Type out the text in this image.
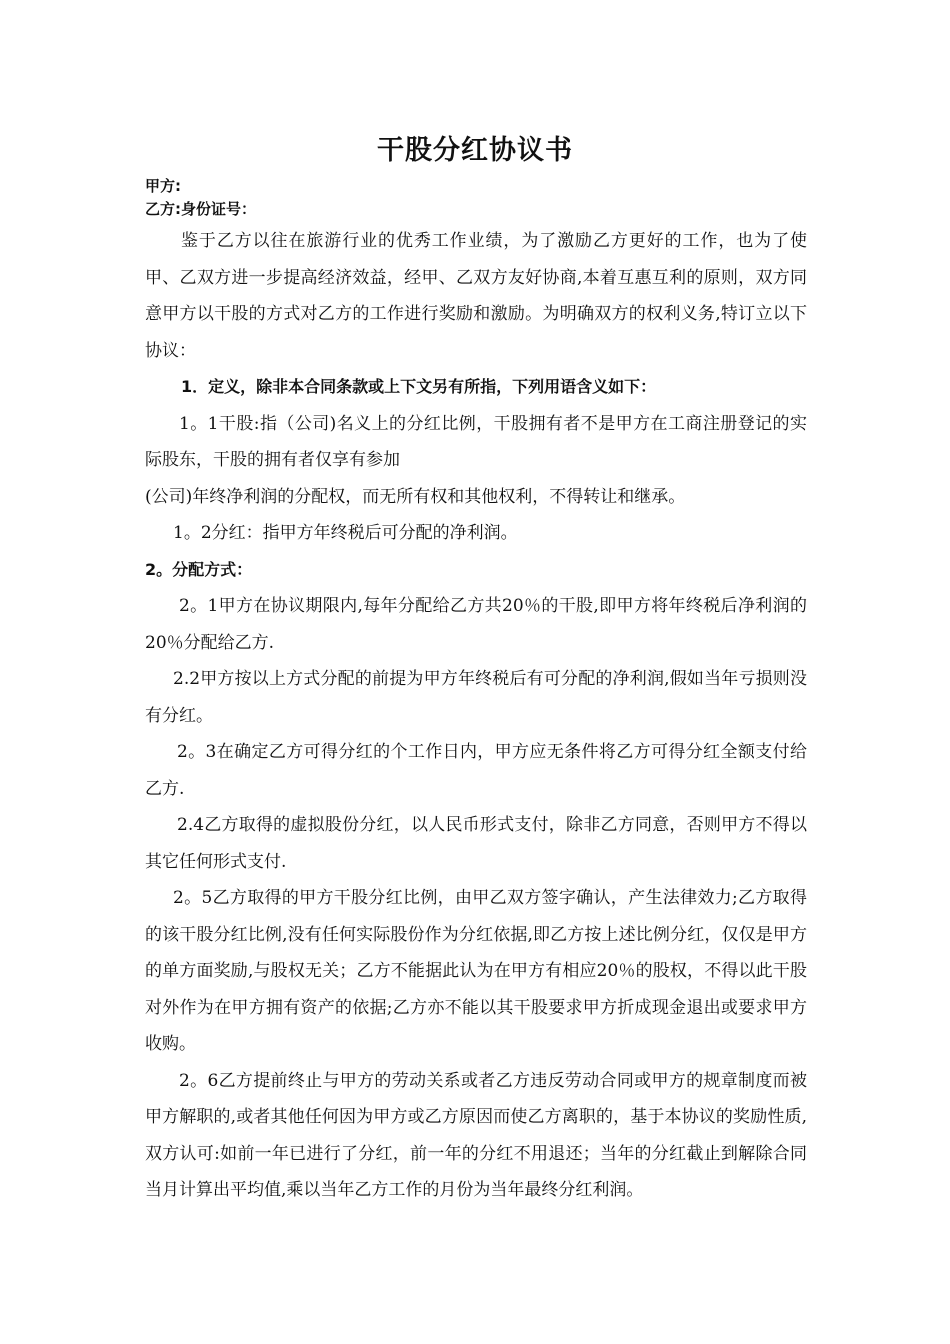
干股分红协议书
甲方:
乙方:身份证号：

鉴于乙方以往在旅游行业的优秀工作业绩，为了激励乙方更好的工作，也为了使甲、乙双方进一步提高经济效益，经甲、乙双方友好协商,本着互惠互利的原则，双方同意甲方以干股的方式对乙方的工作进行奖励和激励。为明确双方的权利义务,特订立以下协议：

1．定义，除非本合同条款或上下文另有所指，下列用语含义如下：

1。1干股:指（公司)名义上的分红比例，干股拥有者不是甲方在工商注册登记的实际股东，干股的拥有者仅享有参加

(公司)年终净利润的分配权，而无所有权和其他权利，不得转让和继承。

1。2分红：指甲方年终税后可分配的净利润。

2。分配方式：

2。1甲方在协议期限内,每年分配给乙方共20％的干股,即甲方将年终税后净利润的20％分配给乙方.

2.2甲方按以上方式分配的前提为甲方年终税后有可分配的净利润,假如当年亏损则没有分红。

2。3在确定乙方可得分红的个工作日内，甲方应无条件将乙方可得分红全额支付给乙方.

2.4乙方取得的虚拟股份分红，以人民币形式支付，除非乙方同意，否则甲方不得以其它任何形式支付.

2。5乙方取得的甲方干股分红比例，由甲乙双方签字确认，产生法律效力;乙方取得的该干股分红比例,没有任何实际股份作为分红依据,即乙方按上述比例分红，仅仅是甲方的单方面奖励,与股权无关；乙方不能据此认为在甲方有相应20％的股权，不得以此干股对外作为在甲方拥有资产的依据;乙方亦不能以其干股要求甲方折成现金退出或要求甲方收购。

2。6乙方提前终止与甲方的劳动关系或者乙方违反劳动合同或甲方的规章制度而被甲方解职的,或者其他任何因为甲方或乙方原因而使乙方离职的，基于本协议的奖励性质,双方认可:如前一年已进行了分红，前一年的分红不用退还；当年的分红截止到解除合同当月计算出平均值,乘以当年乙方工作的月份为当年最终分红利润。
